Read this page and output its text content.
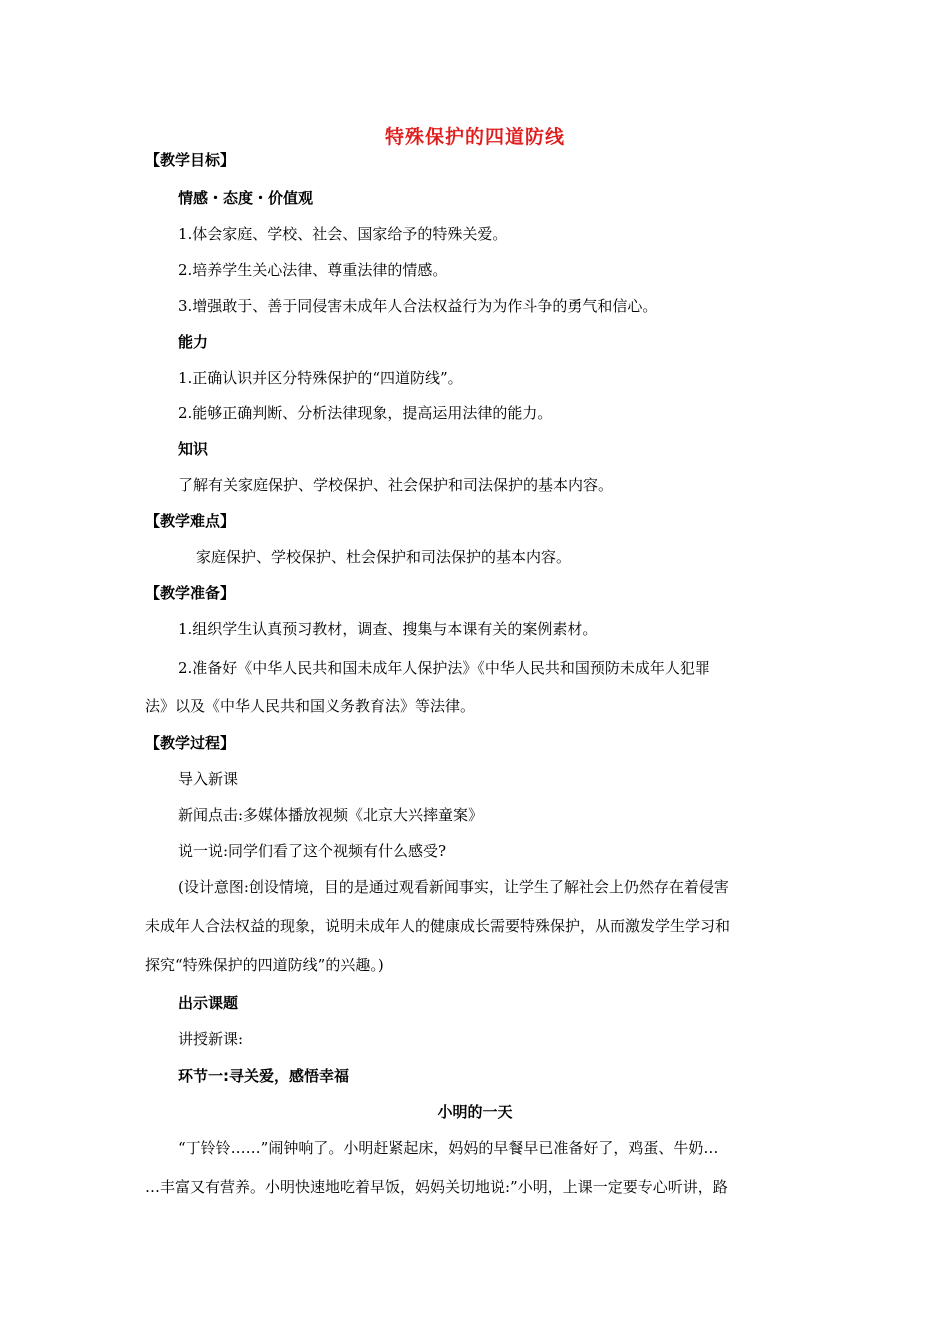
特殊保护的四道防线
【教学目标】
情感・态度・价值观
1.体会家庭、学校、社会、国家给予的特殊关爱。
2.培养学生关心法律、尊重法律的情感。
3.增强敢于、善于同侵害未成年人合法权益行为为作斗争的勇气和信心。
能力
1.正确认识并区分特殊保护的“四道防线”。
2.能够正确判断、分析法律现象，提高运用法律的能力。
知识
了解有关家庭保护、学校保护、社会保护和司法保护的基本内容。
【教学难点】
家庭保护、学校保护、杜会保护和司法保护的基本内容。
【教学准备】
1.组织学生认真预习教材，调查、搜集与本课有关的案例素材。
2.准备好《中华人民共和国未成年人保护法》《中华人民共和国预防未成年人犯罪
法》以及《中华人民共和国义务教育法》等法律。
【教学过程】
导入新课
新闻点击:多媒体播放视频《北京大兴摔童案》
说一说:同学们看了这个视频有什么感受?
(设计意图:创设情境，目的是通过观看新闻事实，让学生了解社会上仍然存在着侵害
未成年人合法权益的现象，说明未成年人的健康成长需要特殊保护，从而激发学生学习和
探究“特殊保护的四道防线”的兴趣。)
出示课题
讲授新课:
环节一:寻关爱，感悟幸福
小明的一天
“丁铃铃……”闹钟响了。小明赶紧起床，妈妈的早餐早已准备好了，鸡蛋、牛奶…
…丰富又有营养。小明快速地吃着早饭，妈妈关切地说:”小明，上课一定要专心听讲，路
